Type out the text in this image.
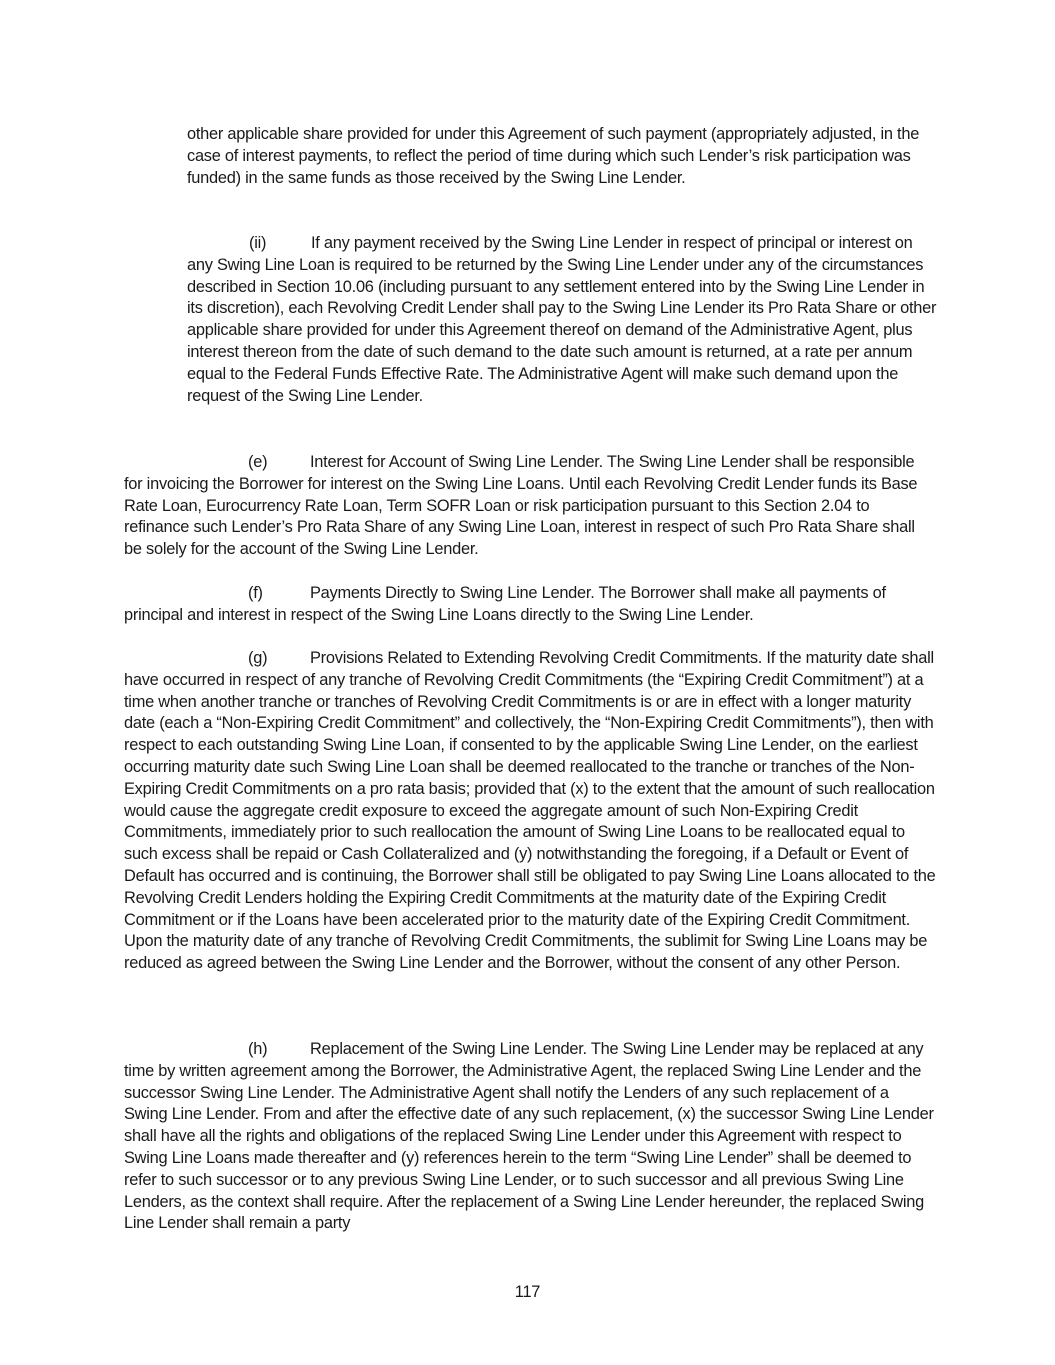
other applicable share provided for under this Agreement of such payment (appropriately adjusted, in the case of interest payments, to reflect the period of time during which such Lender’s risk participation was funded) in the same funds as those received by the Swing Line Lender.

(ii)	If any payment received by the Swing Line Lender in respect of principal or interest on any Swing Line Loan is required to be returned by the Swing Line Lender under any of the circumstances described in Section 10.06 (including pursuant to any settlement entered into by the Swing Line Lender in its discretion), each Revolving Credit Lender shall pay to the Swing Line Lender its Pro Rata Share or other applicable share provided for under this Agreement thereof on demand of the Administrative Agent, plus interest thereon from the date of such demand to the date such amount is returned, at a rate per annum equal to the Federal Funds Effective Rate. The Administrative Agent will make such demand upon the request of the Swing Line Lender.

(e)	Interest for Account of Swing Line Lender. The Swing Line Lender shall be responsible for invoicing the Borrower for interest on the Swing Line Loans. Until each Revolving Credit Lender funds its Base Rate Loan, Eurocurrency Rate Loan, Term SOFR Loan or risk participation pursuant to this Section 2.04 to refinance such Lender’s Pro Rata Share of any Swing Line Loan, interest in respect of such Pro Rata Share shall be solely for the account of the Swing Line Lender.

(f)	Payments Directly to Swing Line Lender. The Borrower shall make all payments of principal and interest in respect of the Swing Line Loans directly to the Swing Line Lender.

(g)	Provisions Related to Extending Revolving Credit Commitments. If the maturity date shall have occurred in respect of any tranche of Revolving Credit Commitments (the “Expiring Credit Commitment”) at a time when another tranche or tranches of Revolving Credit Commitments is or are in effect with a longer maturity date (each a “Non-Expiring Credit Commitment” and collectively, the “Non-Expiring Credit Commitments”), then with respect to each outstanding Swing Line Loan, if consented to by the applicable Swing Line Lender, on the earliest occurring maturity date such Swing Line Loan shall be deemed reallocated to the tranche or tranches of the Non-Expiring Credit Commitments on a pro rata basis; provided that (x) to the extent that the amount of such reallocation would cause the aggregate credit exposure to exceed the aggregate amount of such Non-Expiring Credit Commitments, immediately prior to such reallocation the amount of Swing Line Loans to be reallocated equal to such excess shall be repaid or Cash Collateralized and (y) notwithstanding the foregoing, if a Default or Event of Default has occurred and is continuing, the Borrower shall still be obligated to pay Swing Line Loans allocated to the Revolving Credit Lenders holding the Expiring Credit Commitments at the maturity date of the Expiring Credit Commitment or if the Loans have been accelerated prior to the maturity date of the Expiring Credit Commitment. Upon the maturity date of any tranche of Revolving Credit Commitments, the sublimit for Swing Line Loans may be reduced as agreed between the Swing Line Lender and the Borrower, without the consent of any other Person.

(h)	Replacement of the Swing Line Lender. The Swing Line Lender may be replaced at any time by written agreement among the Borrower, the Administrative Agent, the replaced Swing Line Lender and the successor Swing Line Lender. The Administrative Agent shall notify the Lenders of any such replacement of a Swing Line Lender. From and after the effective date of any such replacement, (x) the successor Swing Line Lender shall have all the rights and obligations of the replaced Swing Line Lender under this Agreement with respect to Swing Line Loans made thereafter and (y) references herein to the term “Swing Line Lender” shall be deemed to refer to such successor or to any previous Swing Line Lender, or to such successor and all previous Swing Line Lenders, as the context shall require. After the replacement of a Swing Line Lender hereunder, the replaced Swing Line Lender shall remain a party

117
